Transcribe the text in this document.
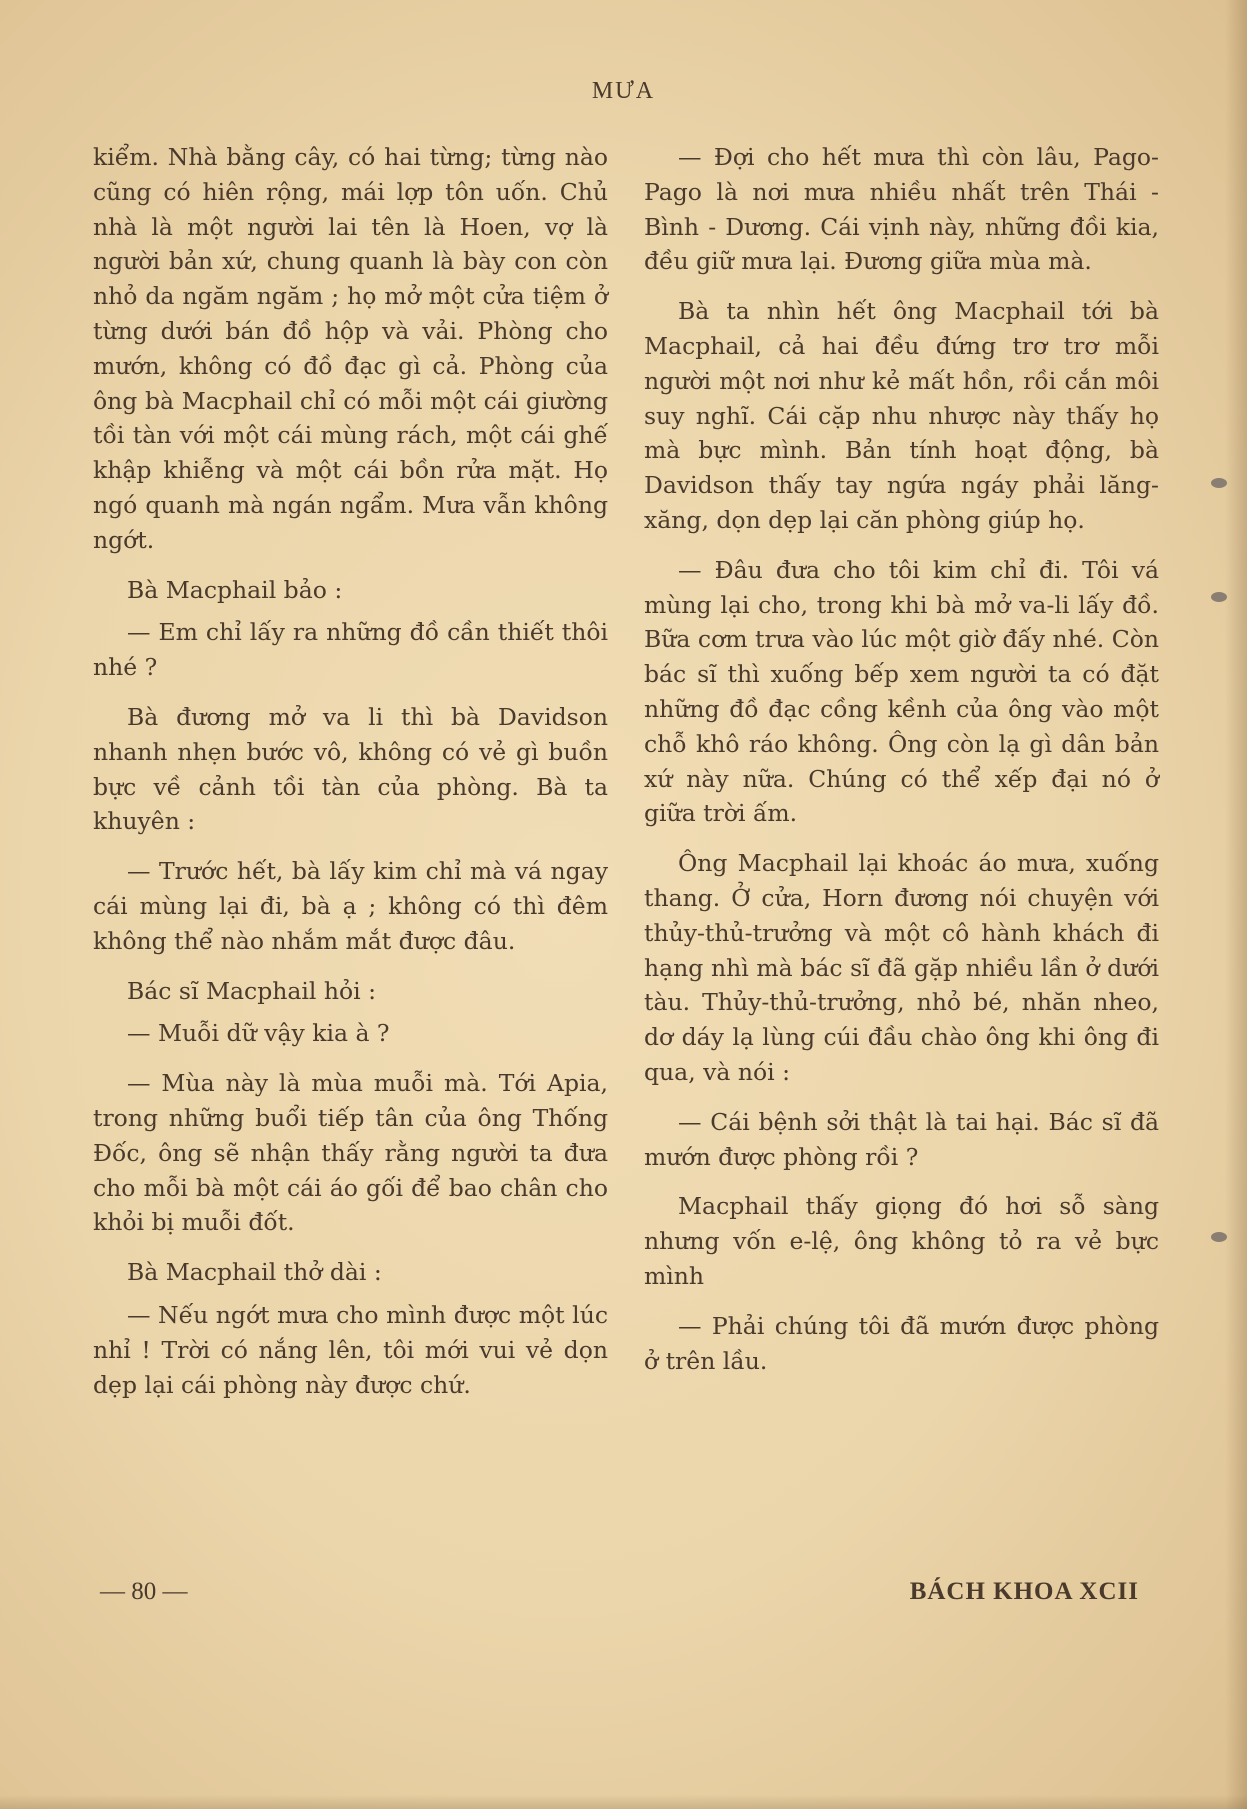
MƯA

kiểm. Nhà bằng cây, có hai từng; từng nào cũng có hiên rộng, mái lợp tôn uốn. Chủ nhà là một người lai tên là Hoen, vợ là người bản xứ, chung quanh là bày con còn nhỏ da ngăm ngăm ; họ mở một cửa tiệm ở từng dưới bán đồ hộp và vải. Phòng cho mướn, không có đồ đạc gì cả. Phòng của ông bà Macphail chỉ có mỗi một cái giường tồi tàn với một cái mùng rách, một cái ghế khập khiễng và một cái bồn rửa mặt. Họ ngó quanh mà ngán ngẩm. Mưa vẫn không ngớt.

Bà Macphail bảo :

— Em chỉ lấy ra những đồ cần thiết thôi nhé ?

Bà đương mở va li thì bà Davidson nhanh nhẹn bước vô, không có vẻ gì buồn bực về cảnh tồi tàn của phòng. Bà ta khuyên :

— Trước hết, bà lấy kim chỉ mà vá ngay cái mùng lại đi, bà ạ ; không có thì đêm không thể nào nhắm mắt được đâu.

Bác sĩ Macphail hỏi :

— Muỗi dữ vậy kia à ?

— Mùa này là mùa muỗi mà. Tới Apia, trong những buổi tiếp tân của ông Thống Đốc, ông sẽ nhận thấy rằng người ta đưa cho mỗi bà một cái áo gối để bao chân cho khỏi bị muỗi đốt.

Bà Macphail thở dài :

— Nếu ngớt mưa cho mình được một lúc nhỉ ! Trời có nắng lên, tôi mới vui vẻ dọn dẹp lại cái phòng này được chứ.

— Đợi cho hết mưa thì còn lâu, Pago-Pago là nơi mưa nhiều nhất trên Thái - Bình - Dương. Cái vịnh này, những đồi kia, đều giữ mưa lại. Đương giữa mùa mà.

Bà ta nhìn hết ông Macphail tới bà Macphail, cả hai đều đứng trơ trơ mỗi người một nơi như kẻ mất hồn, rồi cắn môi suy nghĩ. Cái cặp nhu nhược này thấy họ mà bực mình. Bản tính hoạt động, bà Davidson thấy tay ngứa ngáy phải lăng-xăng, dọn dẹp lại căn phòng giúp họ.

— Đâu đưa cho tôi kim chỉ đi. Tôi vá mùng lại cho, trong khi bà mở va-li lấy đồ. Bữa cơm trưa vào lúc một giờ đấy nhé. Còn bác sĩ thì xuống bếp xem người ta có đặt những đồ đạc cồng kềnh của ông vào một chỗ khô ráo không. Ông còn lạ gì dân bản xứ này nữa. Chúng có thể xếp đại nó ở giữa trời ấm.

Ông Macphail lại khoác áo mưa, xuống thang. Ở cửa, Horn đương nói chuyện với thủy-thủ-trưởng và một cô hành khách đi hạng nhì mà bác sĩ đã gặp nhiều lần ở dưới tàu. Thủy-thủ-trưởng, nhỏ bé, nhăn nheo, dơ dáy lạ lùng cúi đầu chào ông khi ông đi qua, và nói :

— Cái bệnh sởi thật là tai hại. Bác sĩ đã mướn được phòng rồi ?

Macphail thấy giọng đó hơi sỗ sàng nhưng vốn e-lệ, ông không tỏ ra vẻ bực mình

— Phải chúng tôi đã mướn được phòng ở trên lầu.

— 80 —	BÁCH KHOA XCII
